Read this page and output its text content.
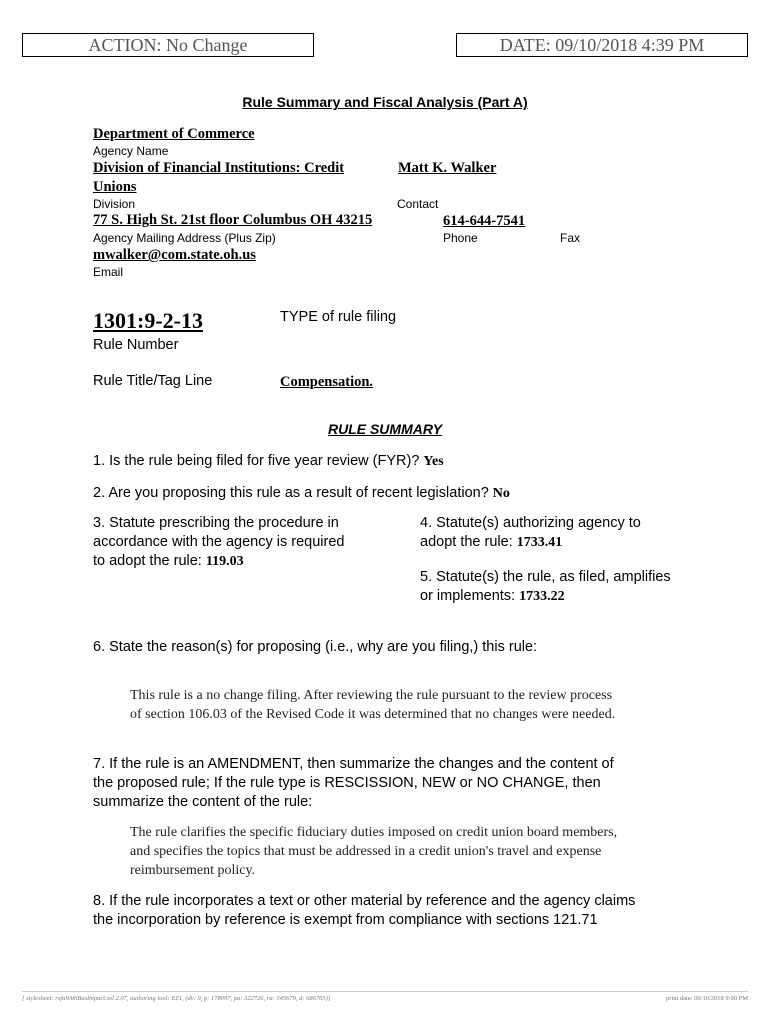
ACTION: No Change	DATE: 09/10/2018 4:39 PM
Rule Summary and Fiscal Analysis (Part A)
Department of Commerce
Agency Name
Division of Financial Institutions: Credit
Unions
Matt K. Walker
Division	Contact
77 S. High St. 21st floor Columbus OH 43215	614-644-7541
Agency Mailing Address (Plus Zip)	Phone	Fax
mwalker@com.state.oh.us
Email
1301:9-2-13	TYPE of rule filing
Rule Number
Rule Title/Tag Line	Compensation.
RULE SUMMARY
1. Is the rule being filed for five year review (FYR)? Yes
2. Are you proposing this rule as a result of recent legislation? No
3. Statute prescribing the procedure in
accordance with the agency is required
to adopt the rule: 119.03
4. Statute(s) authorizing agency to
adopt the rule: 1733.41
5. Statute(s) the rule, as filed, amplifies
or implements: 1733.22
6. State the reason(s) for proposing (i.e., why are you filing,) this rule:
This rule is a no change filing. After reviewing the rule pursuant to the review process
of section 106.03 of the Revised Code it was determined that no changes were needed.
7. If the rule is an AMENDMENT, then summarize the changes and the content of
the proposed rule; If the rule type is RESCISSION, NEW or NO CHANGE, then
summarize the content of the rule:
The rule clarifies the specific fiduciary duties imposed on credit union board members,
and specifies the topics that must be addressed in a credit union's travel and expense
reimbursement policy.
8. If the rule incorporates a text or other material by reference and the agency claims
the incorporation by reference is exempt from compliance with sections 121.71
[ stylesheet: rsfaWithBusImpact.xsl 2.07, authoring tool: EZ1, (dv: 9, p: 178097, pa: 322726, ra: 545679, d: 686765)]	print date: 09/10/2018 9:00 PM
